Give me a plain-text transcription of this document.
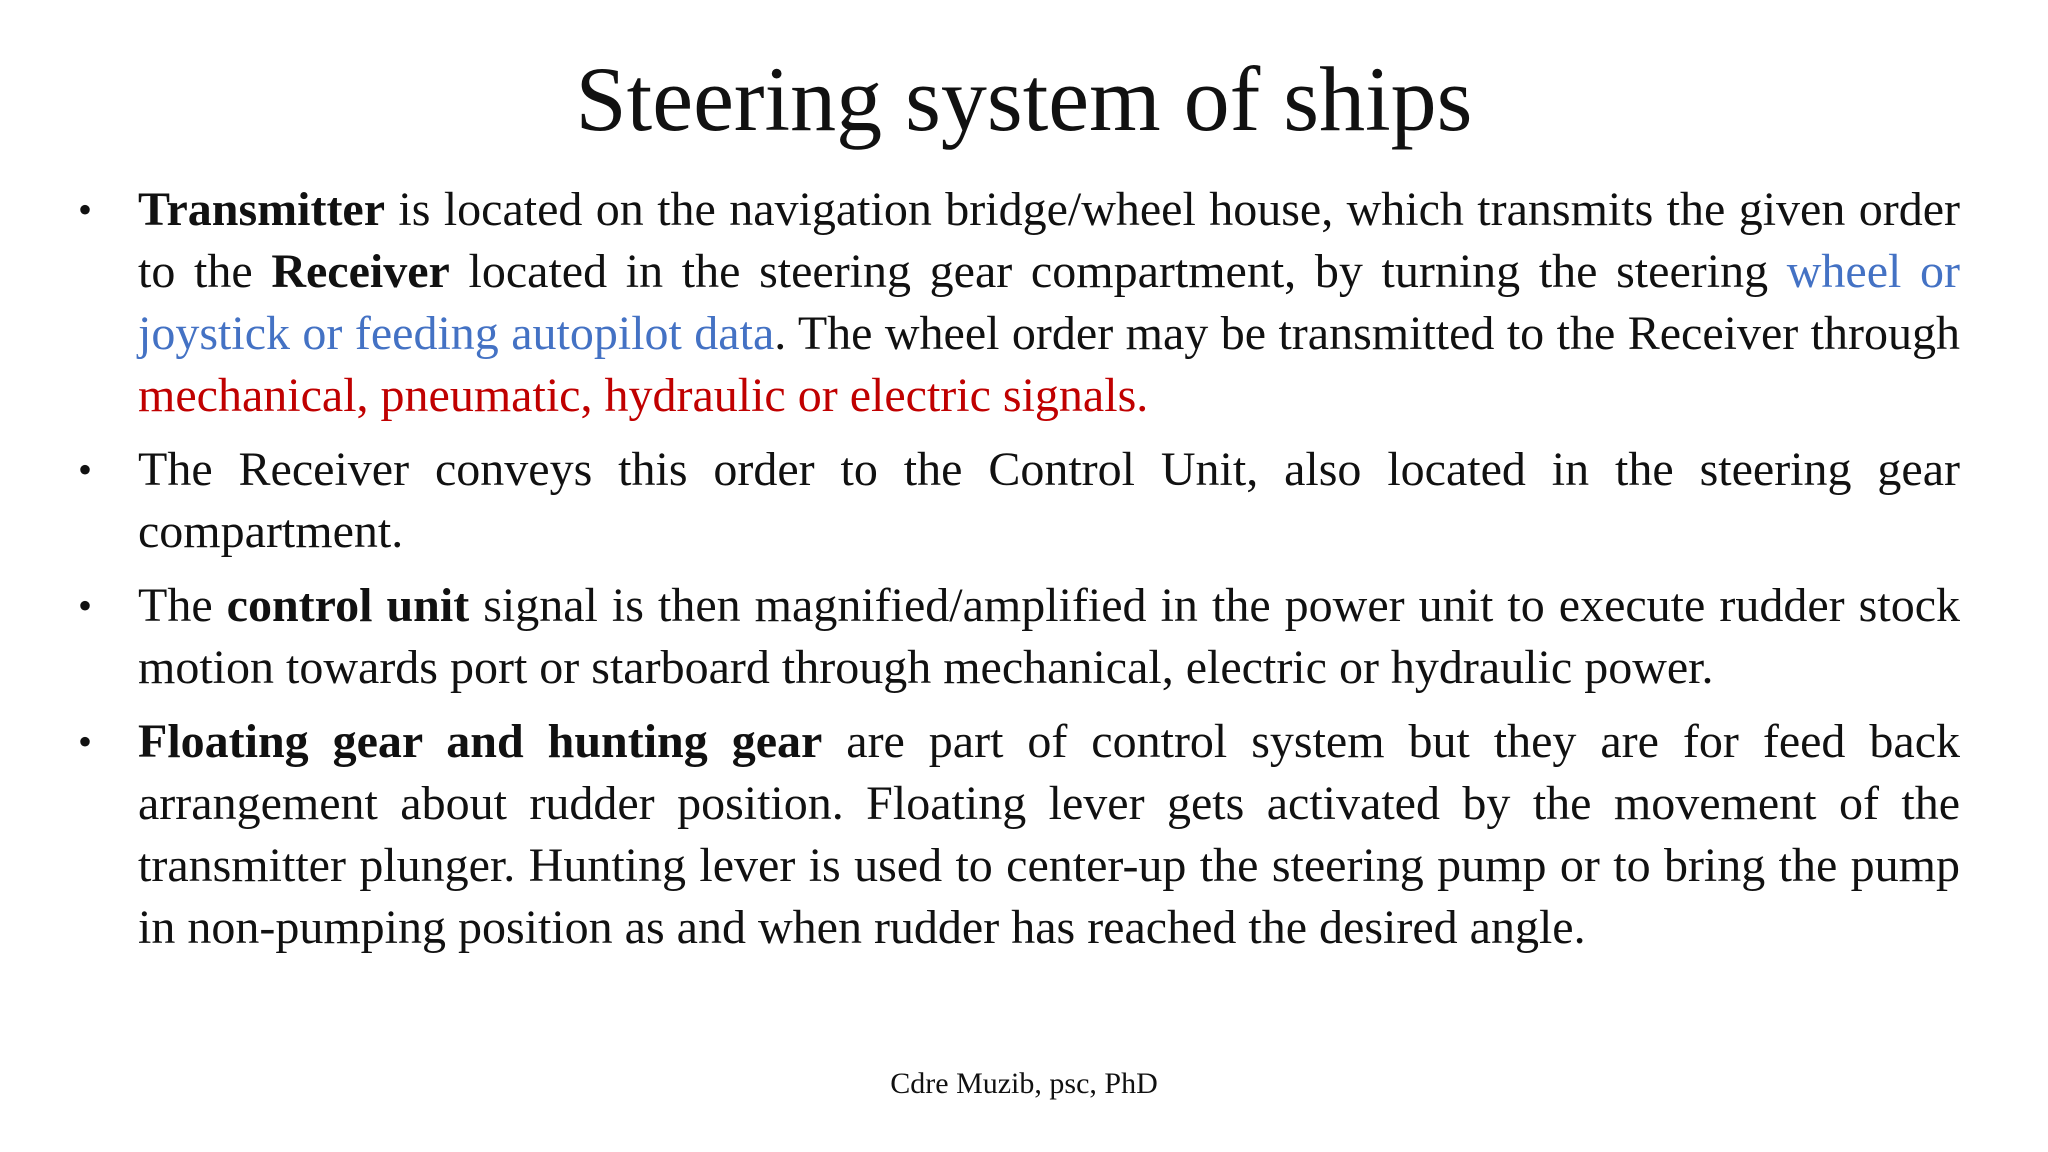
Steering system of ships
• Transmitter is located on the navigation bridge/wheel house, which transmits the given order to the Receiver located in the steering gear compartment, by turning the steering wheel or joystick or feeding autopilot data. The wheel order may be transmitted to the Receiver through mechanical, pneumatic, hydraulic or electric signals.
• The Receiver conveys this order to the Control Unit, also located in the steering gear compartment.
• The control unit signal is then magnified/amplified in the power unit to execute rudder stock motion towards port or starboard through mechanical, electric or hydraulic power.
• Floating gear and hunting gear are part of control system but they are for feed back arrangement about rudder position. Floating lever gets activated by the movement of the transmitter plunger. Hunting lever is used to center-up the steering pump or to bring the pump in non-pumping position as and when rudder has reached the desired angle.
Cdre Muzib, psc, PhD
